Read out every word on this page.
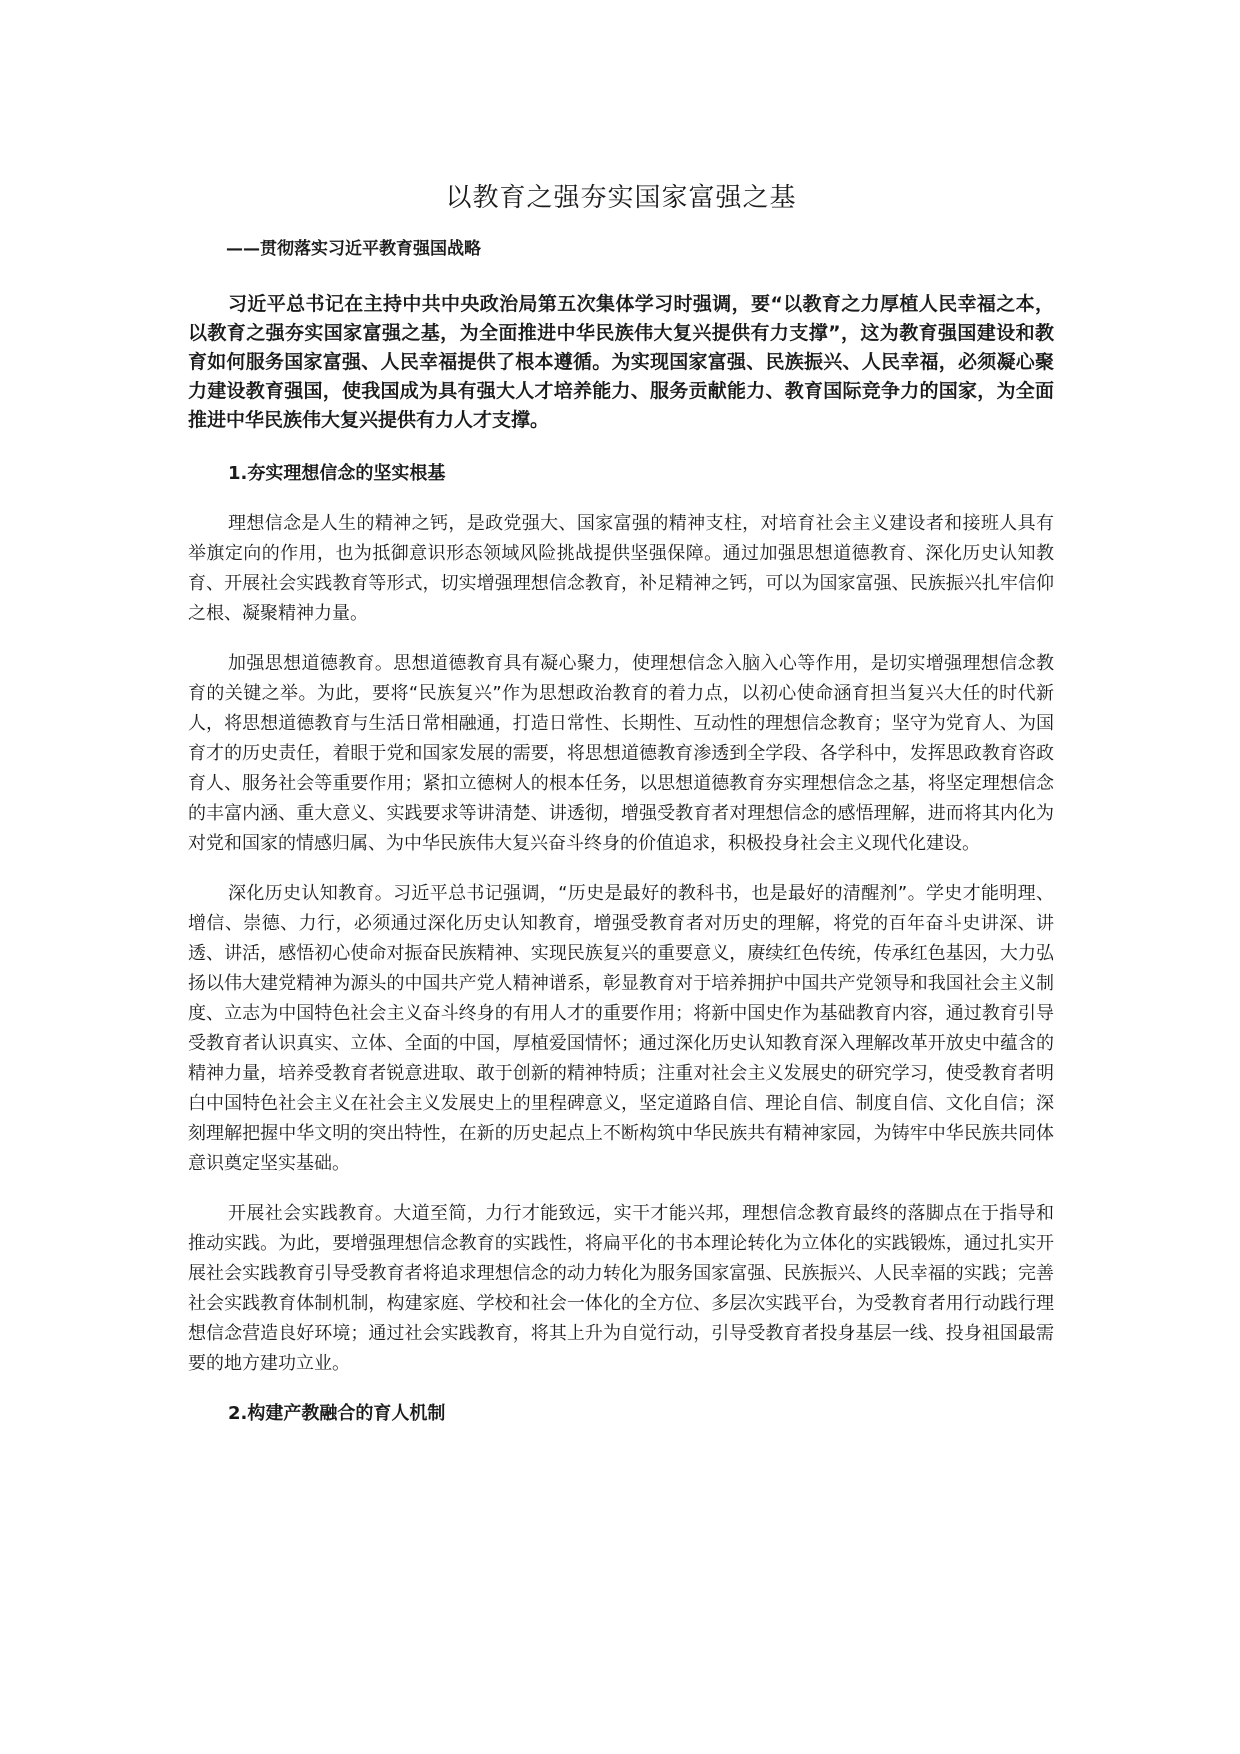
以教育之强夯实国家富强之基
——贯彻落实习近平教育强国战略

习近平总书记在主持中共中央政治局第五次集体学习时强调，要“以教育之力厚植人民幸福之本，以教育之强夯实国家富强之基，为全面推进中华民族伟大复兴提供有力支撑”，这为教育强国建设和教育如何服务国家富强、人民幸福提供了根本遵循。为实现国家富强、民族振兴、人民幸福，必须凝心聚力建设教育强国，使我国成为具有强大人才培养能力、服务贡献能力、教育国际竞争力的国家，为全面推进中华民族伟大复兴提供有力人才支撑。

1.夯实理想信念的坚实根基

理想信念是人生的精神之钙，是政党强大、国家富强的精神支柱，对培育社会主义建设者和接班人具有举旗定向的作用，也为抵御意识形态领域风险挑战提供坚强保障。通过加强思想道德教育、深化历史认知教育、开展社会实践教育等形式，切实增强理想信念教育，补足精神之钙，可以为国家富强、民族振兴扎牢信仰之根、凝聚精神力量。

加强思想道德教育。思想道德教育具有凝心聚力，使理想信念入脑入心等作用，是切实增强理想信念教育的关键之举。为此，要将“民族复兴”作为思想政治教育的着力点，以初心使命涵育担当复兴大任的时代新人，将思想道德教育与生活日常相融通，打造日常性、长期性、互动性的理想信念教育；坚守为党育人、为国育才的历史责任，着眼于党和国家发展的需要，将思想道德教育渗透到全学段、各学科中，发挥思政教育咨政育人、服务社会等重要作用；紧扣立德树人的根本任务，以思想道德教育夯实理想信念之基，将坚定理想信念的丰富内涵、重大意义、实践要求等讲清楚、讲透彻，增强受教育者对理想信念的感悟理解，进而将其内化为对党和国家的情感归属、为中华民族伟大复兴奋斗终身的价值追求，积极投身社会主义现代化建设。

深化历史认知教育。习近平总书记强调，“历史是最好的教科书，也是最好的清醒剂”。学史才能明理、增信、崇德、力行，必须通过深化历史认知教育，增强受教育者对历史的理解，将党的百年奋斗史讲深、讲透、讲活，感悟初心使命对振奋民族精神、实现民族复兴的重要意义，赓续红色传统，传承红色基因，大力弘扬以伟大建党精神为源头的中国共产党人精神谱系，彰显教育对于培养拥护中国共产党领导和我国社会主义制度、立志为中国特色社会主义奋斗终身的有用人才的重要作用；将新中国史作为基础教育内容，通过教育引导受教育者认识真实、立体、全面的中国，厚植爱国情怀；通过深化历史认知教育深入理解改革开放史中蕴含的精神力量，培养受教育者锐意进取、敢于创新的精神特质；注重对社会主义发展史的研究学习，使受教育者明白中国特色社会主义在社会主义发展史上的里程碑意义，坚定道路自信、理论自信、制度自信、文化自信；深刻理解把握中华文明的突出特性，在新的历史起点上不断构筑中华民族共有精神家园，为铸牢中华民族共同体意识奠定坚实基础。

开展社会实践教育。大道至简，力行才能致远，实干才能兴邦，理想信念教育最终的落脚点在于指导和推动实践。为此，要增强理想信念教育的实践性，将扁平化的书本理论转化为立体化的实践锻炼，通过扎实开展社会实践教育引导受教育者将追求理想信念的动力转化为服务国家富强、民族振兴、人民幸福的实践；完善社会实践教育体制机制，构建家庭、学校和社会一体化的全方位、多层次实践平台，为受教育者用行动践行理想信念营造良好环境；通过社会实践教育，将其上升为自觉行动，引导受教育者投身基层一线、投身祖国最需要的地方建功立业。

2.构建产教融合的育人机制
